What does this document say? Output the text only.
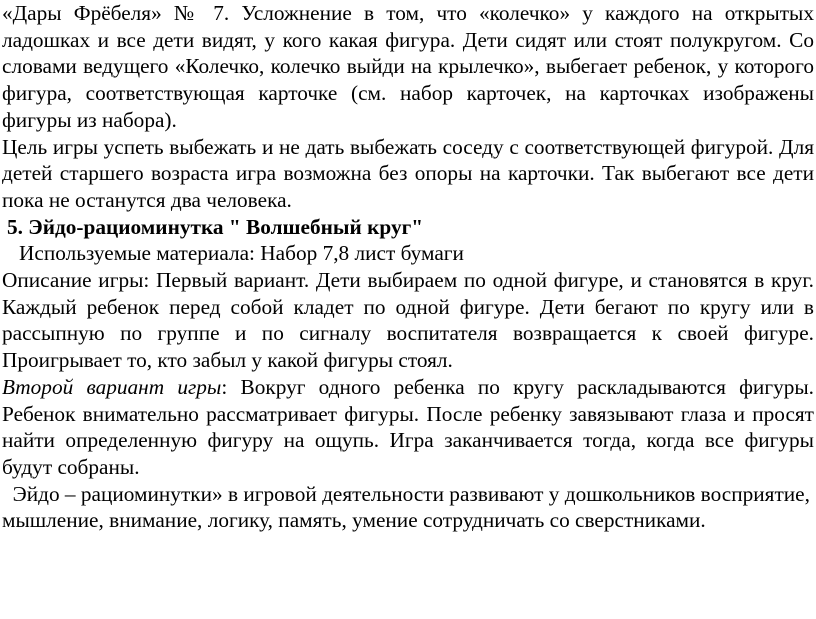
«Дары Фрёбеля» № 7. Усложнение в том, что «колечко» у каждого на открытых ладошках и все дети видят, у кого какая фигура. Дети сидят или стоят полукругом. Со словами ведущего «Колечко, колечко выйди на крылечко», выбегает ребенок, у которого фигура, соответствующая карточке (см. набор карточек, на карточках изображены фигуры из набора).

Цель игры успеть выбежать и не дать выбежать соседу с соответствующей фигурой. Для детей старшего возраста игра возможна без опоры на карточки. Так выбегают все дети пока не останутся два человека.

5. Эйдо-рациоминутка " Волшебный круг"

Используемые материала: Набор 7,8 лист бумаги

Описание игры: Первый вариант. Дети выбираем по одной фигуре, и становятся в круг. Каждый ребенок перед собой кладет по одной фигуре. Дети бегают по кругу или в рассыпную по группе и по сигналу воспитателя возвращается к своей фигуре. Проигрывает то, кто забыл у какой фигуры стоял.

Второй вариант игры: Вокруг одного ребенка по кругу раскладываются фигуры. Ребенок внимательно рассматривает фигуры. После ребенку завязывают глаза и просят найти определенную фигуру на ощупь. Игра заканчивается тогда, когда все фигуры будут собраны.

Эйдо – рациоминутки» в игровой деятельности развивают у дошкольников восприятие, мышление, внимание, логику, память, умение сотрудничать со сверстниками.
